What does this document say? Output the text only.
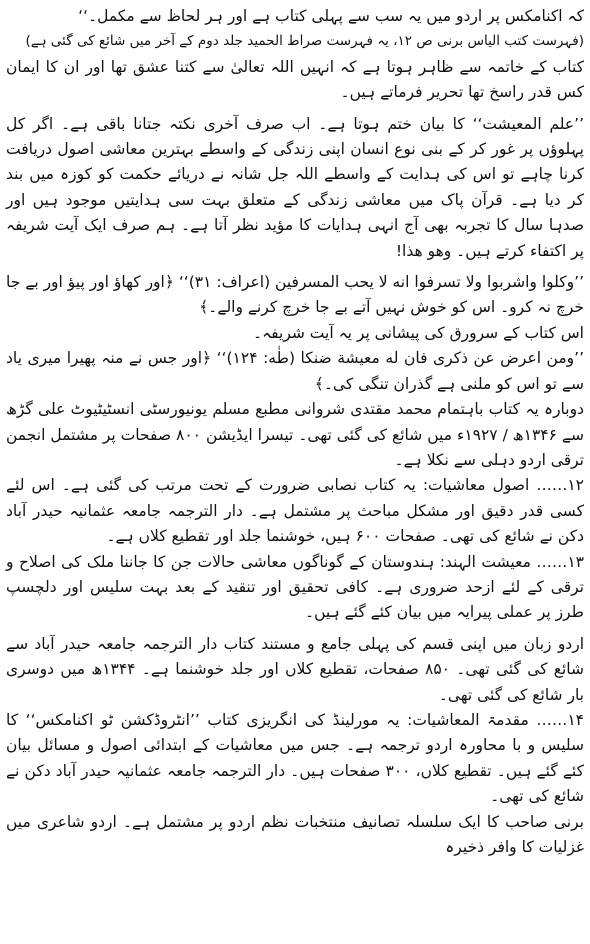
کہ اکنامکس پر اردو میں یہ سب سے پہلی کتاب ہے اور ہر لحاظ سے مکمل۔‘‘

(فہرست کتب الیاس برنی ص ۱۲، یہ فہرست صراط الحمید جلد دوم کے آخر میں شائع کی گئی ہے)

کتاب کے خاتمہ سے ظاہر ہوتا ہے کہ انہیں اللہ تعالیٰ سے کتنا عشق تھا اور ان کا ایمان کس قدر راسخ تھا تحریر فرماتے ہیں۔

’’علم المعیشت‘‘ کا بیان ختم ہوتا ہے۔ اب صرف آخری نکتہ جتانا باقی ہے۔ اگر کل پہلوؤں پر غور کر کے بنی نوع انسان اپنی زندگی کے واسطے بہترین معاشی اصول دریافت کرنا چاہے تو اس کی ہدایت کے واسطے اللہ جل شانہ نے دریائے حکمت کو کوزہ میں بند کر دیا ہے۔ قرآن پاک میں معاشی زندگی کے متعلق بہت سی ہدایتیں موجود ہیں اور صدہا سال کا تجربہ بھی آج انہی ہدایات کا مؤید نظر آتا ہے۔ ہم صرف ایک آیت شریفہ پر اکتفاء کرتے ہیں۔ وھو ھذا!

’’وکلوا واشربوا ولا تسرفوا انه لا یحب المسرفین (اعراف: ۳۱)‘‘ ﴿اور کھاؤ اور پیؤ اور بے جا خرچ نہ کرو۔ اس کو خوش نہیں آتے بے جا خرچ کرنے والے۔﴾

اس کتاب کے سرورق کی پیشانی پر یہ آیت شریفہ۔

’’ومن اعرض عن ذکری فان له معیشة ضنکا (طٰه: ۱۲۴)‘‘ ﴿اور جس نے منہ پھیرا میری یاد سے تو اس کو ملنی ہے گذران تنگی کی۔﴾

دوبارہ یہ کتاب باہتمام محمد مقتدی شروانی مطبع مسلم یونیورسٹی انسٹیٹیوٹ علی گڑھ سے ۱۳۴۶ھ / ۱۹۲۷ء میں شائع کی گئی تھی۔ تیسرا ایڈیشن ۸۰۰ صفحات پر مشتمل انجمن ترقی اردو دہلی سے نکلا ہے۔

۱۲…… اصول معاشیات: یہ کتاب نصابی ضرورت کے تحت مرتب کی گئی ہے۔ اس لئے کسی قدر دقیق اور مشکل مباحث پر مشتمل ہے۔ دار الترجمہ جامعہ عثمانیہ حیدر آباد دکن نے شائع کی تھی۔ صفحات ۶۰۰ ہیں، خوشنما جلد اور تقطیع کلاں ہے۔

۱۳…… معیشت الہند: ہندوستان کے گوناگوں معاشی حالات جن کا جاننا ملک کی اصلاح و ترقی کے لئے ازحد ضروری ہے۔ کافی تحقیق اور تنقید کے بعد بہت سلیس اور دلچسپ طرز پر عملی پیرایہ میں بیان کئے گئے ہیں۔

اردو زبان میں اپنی قسم کی پہلی جامع و مستند کتاب دار الترجمہ جامعہ حیدر آباد سے شائع کی گئی تھی۔ ۸۵۰ صفحات، تقطیع کلاں اور جلد خوشنما ہے۔ ۱۳۴۴ھ میں دوسری بار شائع کی گئی تھی۔

۱۴…… مقدمۃ المعاشیات: یہ مورلینڈ کی انگریزی کتاب ’’انٹروڈکشن ٹو اکنامکس‘‘ کا سلیس و با محاورہ اردو ترجمہ ہے۔ جس میں معاشیات کے ابتدائی اصول و مسائل بیان کئے گئے ہیں۔ تقطیع کلاں، ۳۰۰ صفحات ہیں۔ دار الترجمہ جامعہ عثمانیہ حیدر آباد دکن نے شائع کی تھی۔

برنی صاحب کا ایک سلسلہ تصانیف منتخبات نظم اردو پر مشتمل ہے۔ اردو شاعری میں غزلیات کا وافر ذخیرہ
